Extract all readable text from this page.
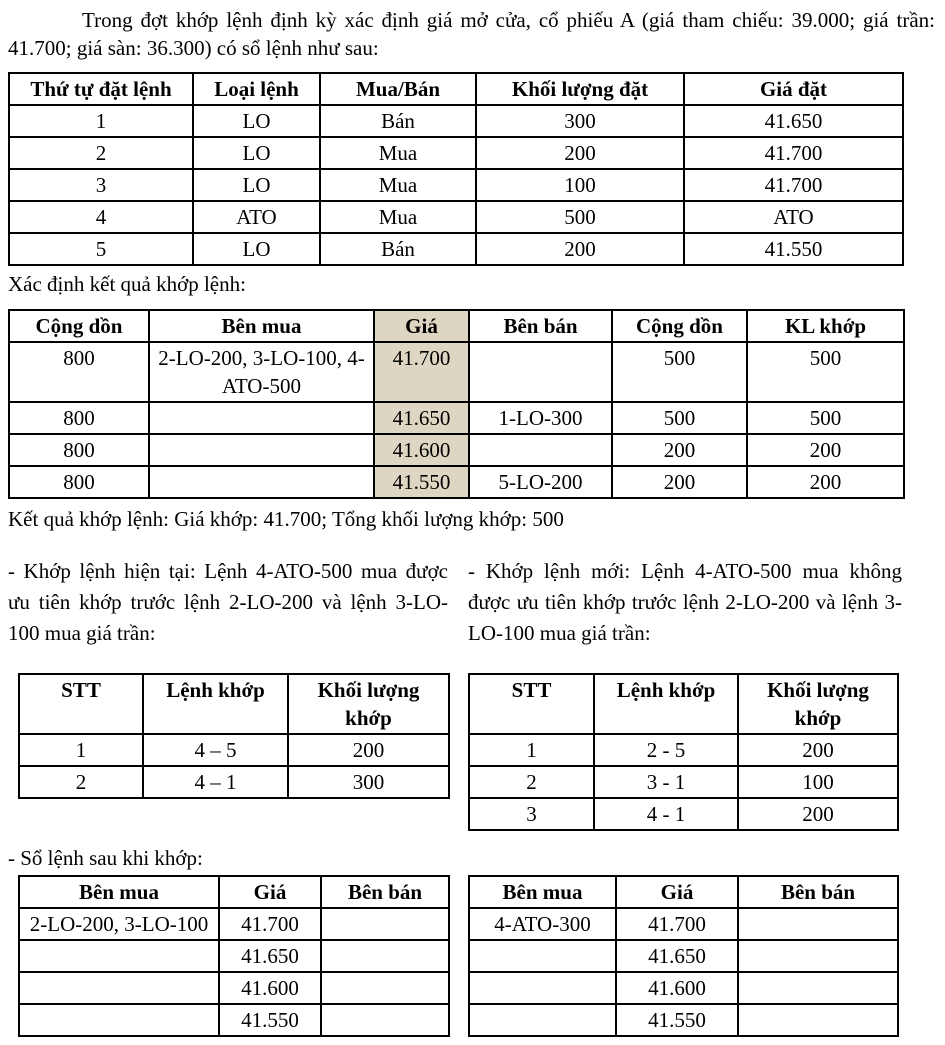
Trong đợt khớp lệnh định kỳ xác định giá mở cửa, cổ phiếu A (giá tham chiếu: 39.000; giá trần: 41.700; giá sàn: 36.300) có sổ lệnh như sau:

Thứ tự đặt lệnh	Loại lệnh	Mua/Bán	Khối lượng đặt	Giá đặt
1	LO	Bán	300	41.650
2	LO	Mua	200	41.700
3	LO	Mua	100	41.700
4	ATO	Mua	500	ATO
5	LO	Bán	200	41.550

Xác định kết quả khớp lệnh:

Cộng dồn	Bên mua	Giá	Bên bán	Cộng dồn	KL khớp
800	2-LO-200, 3-LO-100, 4-ATO-500	41.700		500	500
800		41.650	1-LO-300	500	500
800		41.600		200	200
800		41.550	5-LO-200	200	200

Kết quả khớp lệnh: Giá khớp: 41.700; Tổng khối lượng khớp: 500

- Khớp lệnh hiện tại: Lệnh 4-ATO-500 mua được ưu tiên khớp trước lệnh 2-LO-200 và lệnh 3-LO-100 mua giá trần:

- Khớp lệnh mới: Lệnh 4-ATO-500 mua không được ưu tiên khớp trước lệnh 2-LO-200 và lệnh 3-LO-100 mua giá trần:

STT	Lệnh khớp	Khối lượng khớp
1	4 – 5	200
2	4 – 1	300
STT	Lệnh khớp	Khối lượng khớp
1	2 - 5	200
2	3 - 1	100
3	4 - 1	200

- Sổ lệnh sau khi khớp:

Bên mua	Giá	Bên bán
2-LO-200, 3-LO-100	41.700	
	41.650	
	41.600	
	41.550	
Bên mua	Giá	Bên bán
4-ATO-300	41.700	
	41.650	
	41.600	
	41.550	
